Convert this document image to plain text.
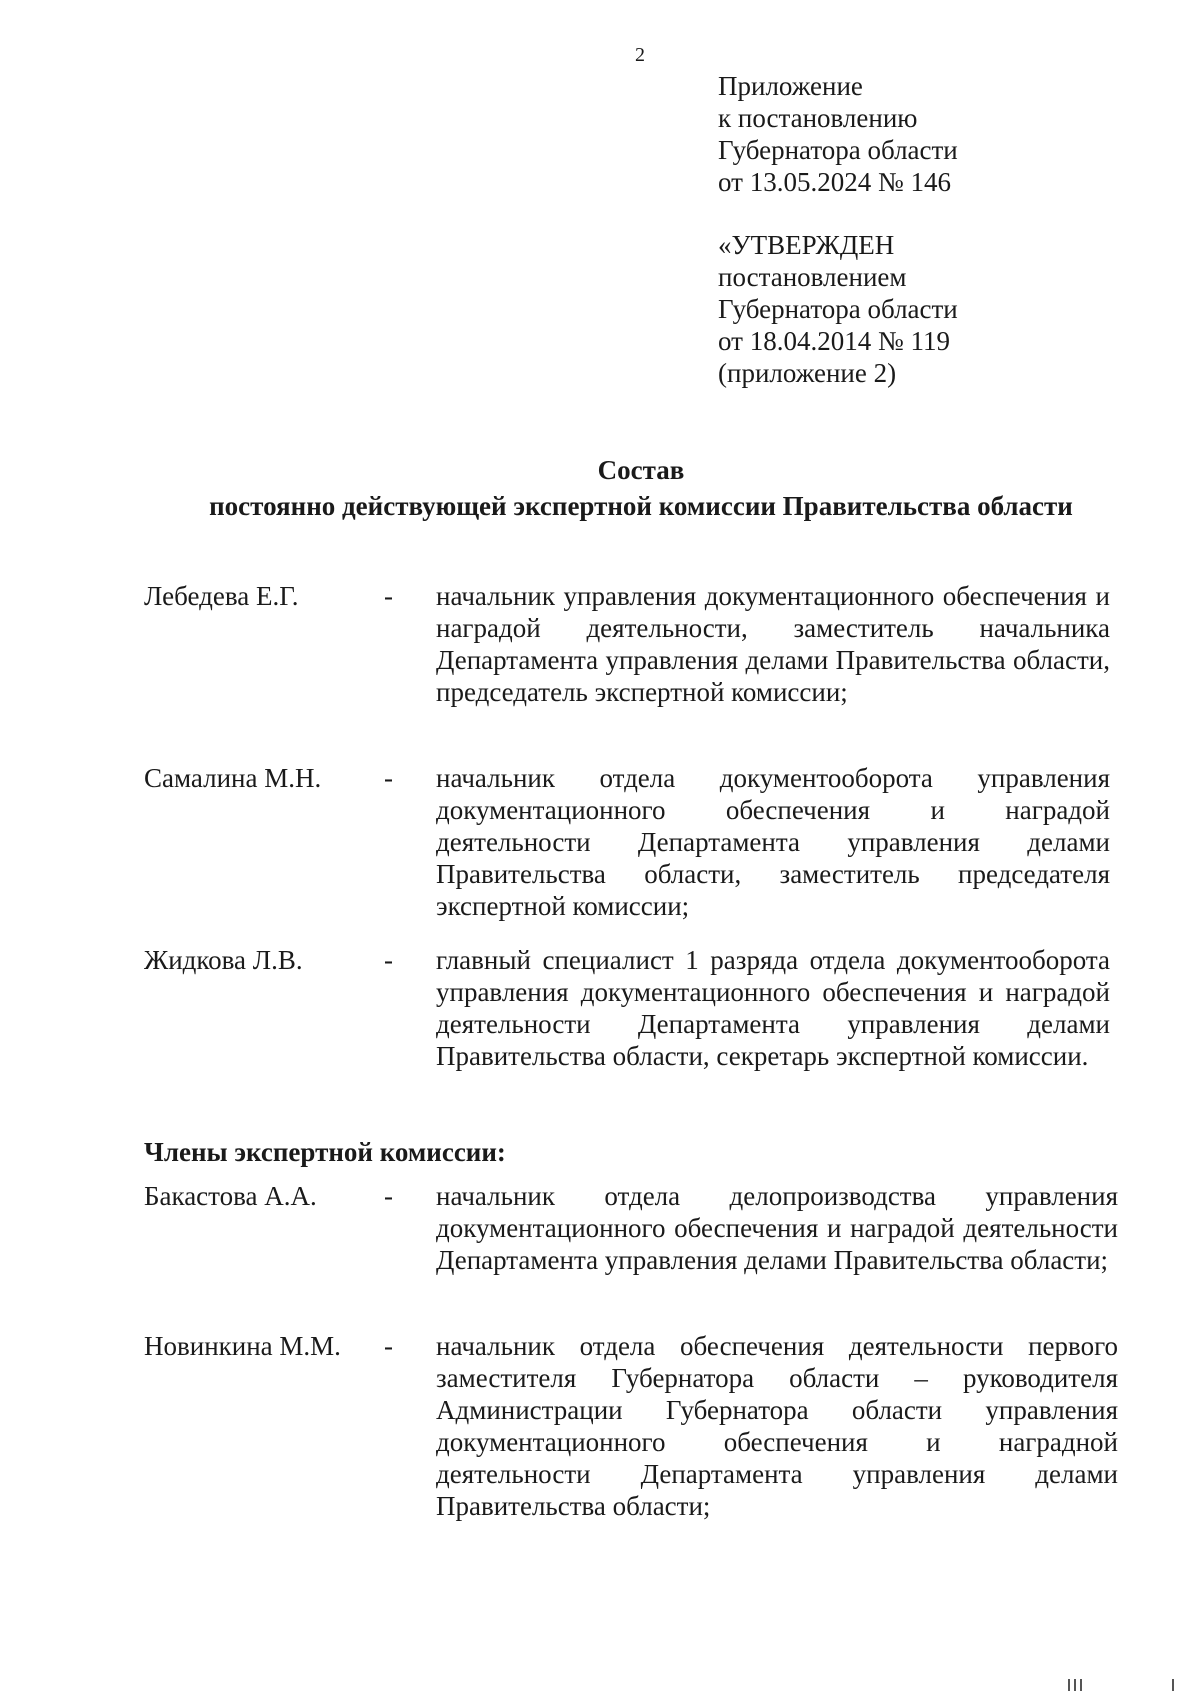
2
Приложение
к постановлению
Губернатора области
от 13.05.2024 № 146
«УТВЕРЖДЕН
постановлением
Губернатора области
от 18.04.2014 № 119
(приложение 2)
Состав
постоянно действующей экспертной комиссии Правительства области
Лебедева Е.Г.	-	начальник управления документационного обеспечения и наградой деятельности, заместитель начальника Департамента управления делами Правительства области, председатель экспертной комиссии;
Самалина М.Н.	-	начальник отдела документооборота управления документационного обеспечения и наградой деятельности Департамента управления делами Правительства области, заместитель председателя экспертной комиссии;
Жидкова Л.В.	-	главный специалист 1 разряда отдела документооборота управления документационного обеспечения и наградой деятельности Департамента управления делами Правительства области, секретарь экспертной комиссии.
Члены экспертной комиссии:
Бакастова А.А.	-	начальник отдела делопроизводства управления документационного обеспечения и наградой деятельности Департамента управления делами Правительства области;
Новинкина М.М.	-	начальник отдела обеспечения деятельности первого заместителя Губернатора области – руководителя Администрации Губернатора области управления документационного обеспечения и наградной деятельности Департамента управления делами Правительства области;
